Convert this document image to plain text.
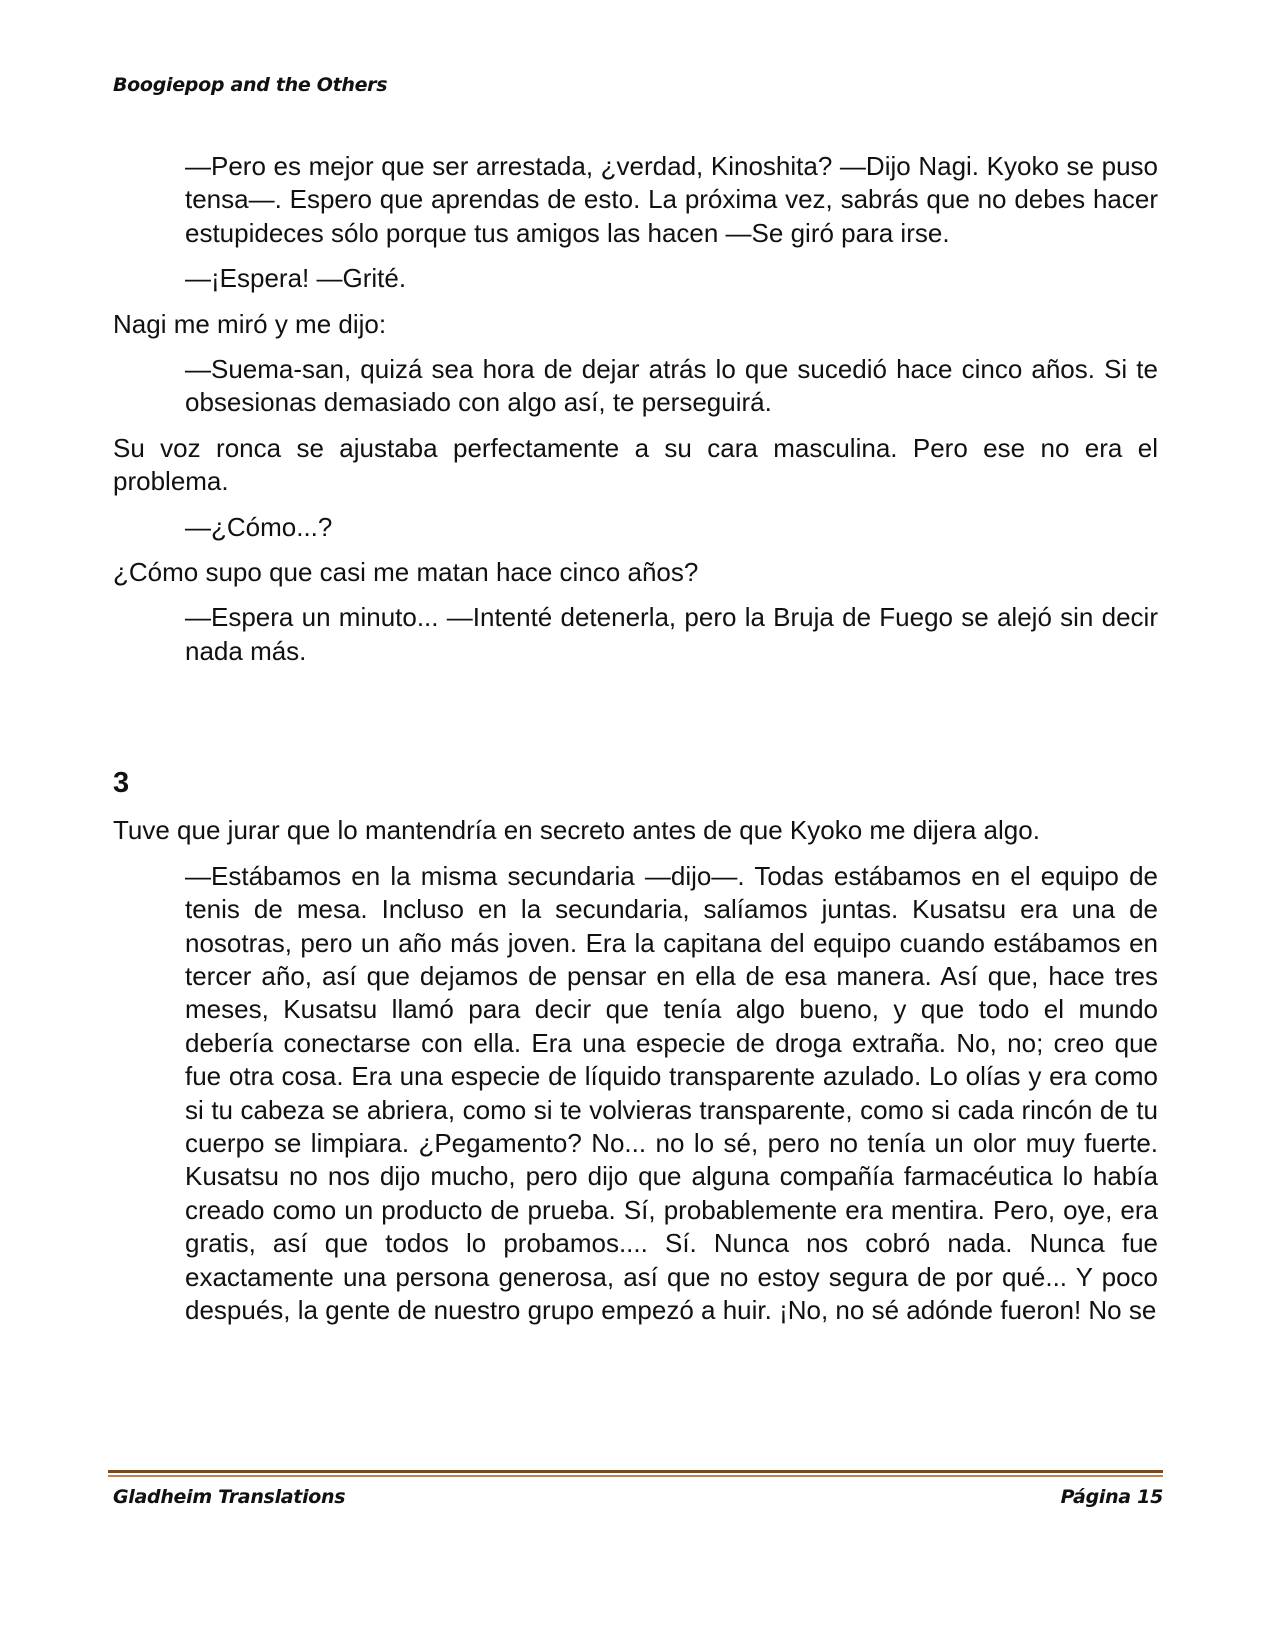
Boogiepop and the Others

—Pero es mejor que ser arrestada, ¿verdad, Kinoshita? —Dijo Nagi. Kyoko se puso tensa—. Espero que aprendas de esto. La próxima vez, sabrás que no debes hacer estupideces sólo porque tus amigos las hacen —Se giró para irse.

—¡Espera! —Grité.

Nagi me miró y me dijo:

—Suema-san, quizá sea hora de dejar atrás lo que sucedió hace cinco años. Si te obsesionas demasiado con algo así, te perseguirá.

Su voz ronca se ajustaba perfectamente a su cara masculina. Pero ese no era el problema.

—¿Cómo...?

¿Cómo supo que casi me matan hace cinco años?

—Espera un minuto... —Intenté detenerla, pero la Bruja de Fuego se alejó sin decir nada más.

3

Tuve que jurar que lo mantendría en secreto antes de que Kyoko me dijera algo.

—Estábamos en la misma secundaria —dijo—. Todas estábamos en el equipo de tenis de mesa. Incluso en la secundaria, salíamos juntas. Kusatsu era una de nosotras, pero un año más joven. Era la capitana del equipo cuando estábamos en tercer año, así que dejamos de pensar en ella de esa manera. Así que, hace tres meses, Kusatsu llamó para decir que tenía algo bueno, y que todo el mundo debería conectarse con ella. Era una especie de droga extraña. No, no; creo que fue otra cosa. Era una especie de líquido transparente azulado. Lo olías y era como si tu cabeza se abriera, como si te volvieras transparente, como si cada rincón de tu cuerpo se limpiara. ¿Pegamento? No... no lo sé, pero no tenía un olor muy fuerte. Kusatsu no nos dijo mucho, pero dijo que alguna compañía farmacéutica lo había creado como un producto de prueba. Sí, probablemente era mentira. Pero, oye, era gratis, así que todos lo probamos.... Sí. Nunca nos cobró nada. Nunca fue exactamente una persona generosa, así que no estoy segura de por qué... Y poco después, la gente de nuestro grupo empezó a huir. ¡No, no sé adónde fueron! No se

Gladheim Translations	Página 15
